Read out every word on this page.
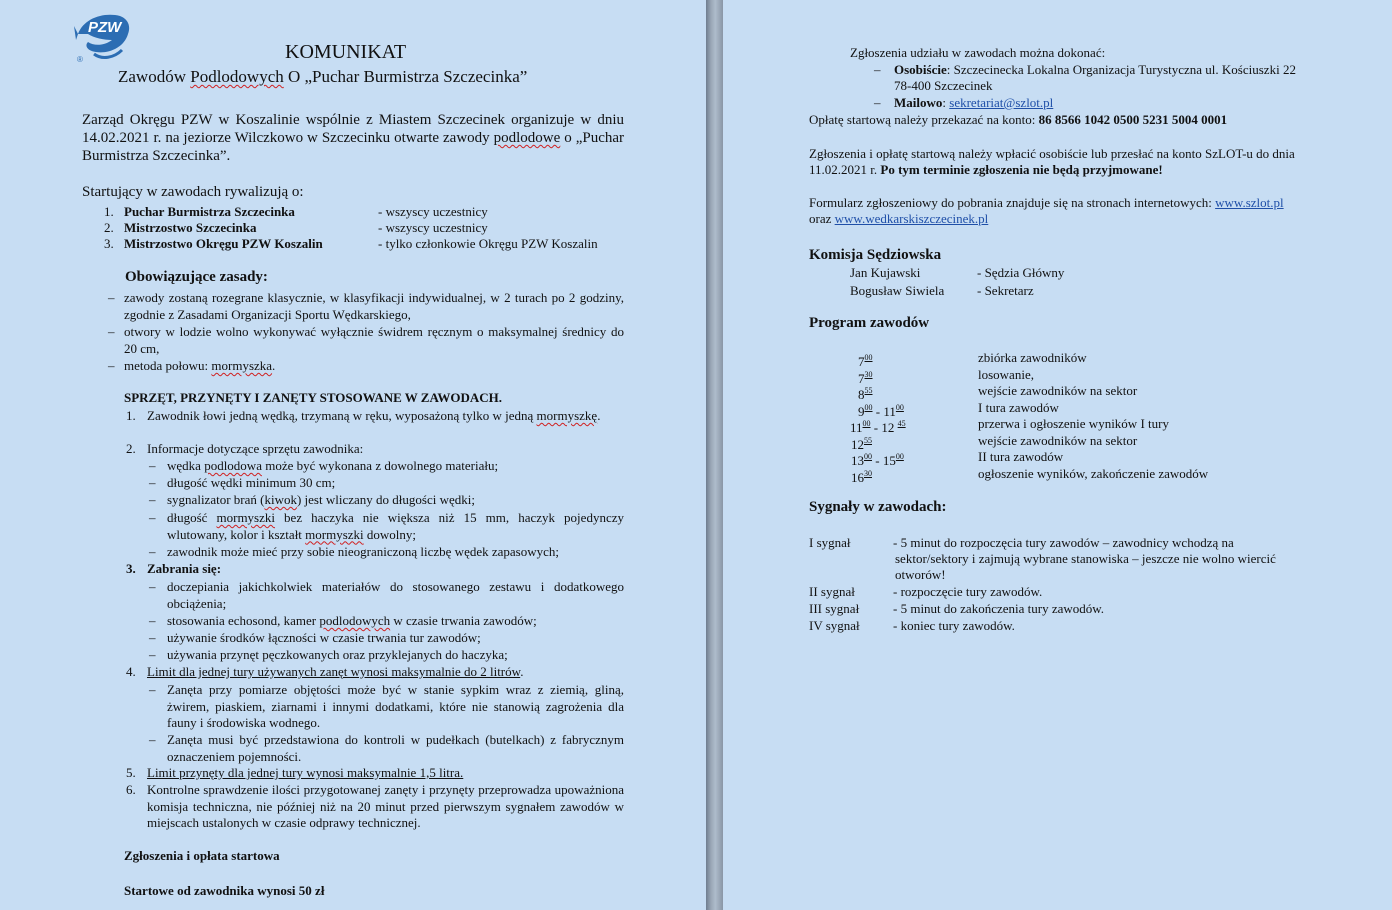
PZW
®	KOMUNIKAT
Zawodów Podlodowych O „Puchar Burmistrza Szczecinka”
Zarząd Okręgu PZW w Koszalinie wspólnie z Miastem Szczecinek organizuje w dniu 14.02.2021 r. na jeziorze Wilczkowo w Szczecinku otwarte zawody podlodowe o „Puchar Burmistrza Szczecinka”.
Startujący w zawodach rywalizują o:
1. Puchar Burmistrza Szczecinka	- wszyscy uczestnicy
2. Mistrzostwo Szczecinka	- wszyscy uczestnicy
3. Mistrzostwo Okręgu PZW Koszalin	- tylko członkowie Okręgu PZW Koszalin
Obowiązujące zasady:
– zawody zostaną rozegrane klasycznie, w klasyfikacji indywidualnej, w 2 turach po 2 godziny, zgodnie z Zasadami Organizacji Sportu Wędkarskiego,
– otwory w lodzie wolno wykonywać wyłącznie świdrem ręcznym o maksymalnej średnicy do 20 cm,
– metoda połowu: mormyszka.
SPRZĘT, PRZYNĘTY I ZANĘTY STOSOWANE W ZAWODACH.
1. Zawodnik łowi jedną wędką, trzymaną w ręku, wyposażoną tylko w jedną mormyszkę.
2. Informacje dotyczące sprzętu zawodnika:
– wędka podlodowa może być wykonana z dowolnego materiału;
– długość wędki minimum 30 cm;
– sygnalizator brań (kiwok) jest wliczany do długości wędki;
– długość mormyszki bez haczyka nie większa niż 15 mm, haczyk pojedynczy wlutowany, kolor i kształt mormyszki dowolny;
– zawodnik może mieć przy sobie nieograniczoną liczbę wędek zapasowych;
3. Zabrania się:
– doczepiania jakichkolwiek materiałów do stosowanego zestawu i dodatkowego obciążenia;
– stosowania echosond, kamer podlodowych w czasie trwania zawodów;
– używanie środków łączności w czasie trwania tur zawodów;
– używania przynęt pęczkowanych oraz przyklejanych do haczyka;
4. Limit dla jednej tury używanych zanęt wynosi maksymalnie do 2 litrów.
– Zanęta przy pomiarze objętości może być w stanie sypkim wraz z ziemią, gliną, żwirem, piaskiem, ziarnami i innymi dodatkami, które nie stanowią zagrożenia dla fauny i środowiska wodnego.
– Zanęta musi być przedstawiona do kontroli w pudełkach (butelkach) z fabrycznym oznaczeniem pojemności.
5. Limit przynęty dla jednej tury wynosi maksymalnie 1,5 litra.
6. Kontrolne sprawdzenie ilości przygotowanej zanęty i przynęty przeprowadza upoważniona komisja techniczna, nie później niż na 20 minut przed pierwszym sygnałem zawodów w miejscach ustalonych w czasie odprawy technicznej.
Zgłoszenia i opłata startowa
Startowe od zawodnika wynosi 50 zł
Zgłoszenia udziału w zawodach można dokonać:
– Osobiście: Szczecinecka Lokalna Organizacja Turystyczna ul. Kościuszki 22
78-400 Szczecinek
– Mailowo: sekretariat@szlot.pl
Opłatę startową należy przekazać na konto: 86 8566 1042 0500 5231 5004 0001
Zgłoszenia i opłatę startową należy wpłacić osobiście lub przesłać na konto SzLOT-u do dnia
11.02.2021 r. Po tym terminie zgłoszenia nie będą przyjmowane!
Formularz zgłoszeniowy do pobrania znajduje się na stronach internetowych: www.szlot.pl
oraz www.wedkarskiszczecinek.pl
Komisja Sędziowska
Jan Kujawski	- Sędzia Główny
Bogusław Siwiela	- Sekretarz
Program zawodów
$7^{00}$	zbiórka zawodników
$7^{30}$	losowanie,
$8^{55}$	wejście zawodników na sektor
$9^{00} - 11^{00}$	I tura zawodów
$11^{00} - 12$ $^{45}$	przerwa i ogłoszenie wyników I tury
$12^{55}$	wejście zawodników na sektor
$13^{00} - 15^{00}$	II tura zawodów
$16^{30}$	ogłoszenie wyników, zakończenie zawodów
Sygnały w zawodach:
I sygnał	- 5 minut do rozpoczęcia tury zawodów – zawodnicy wchodzą na
sektor/sektory i zajmują wybrane stanowiska – jeszcze nie wolno wiercić
otworów!
II sygnał	- rozpoczęcie tury zawodów.
III sygnał	- 5 minut do zakończenia tury zawodów.
IV sygnał	- koniec tury zawodów.
